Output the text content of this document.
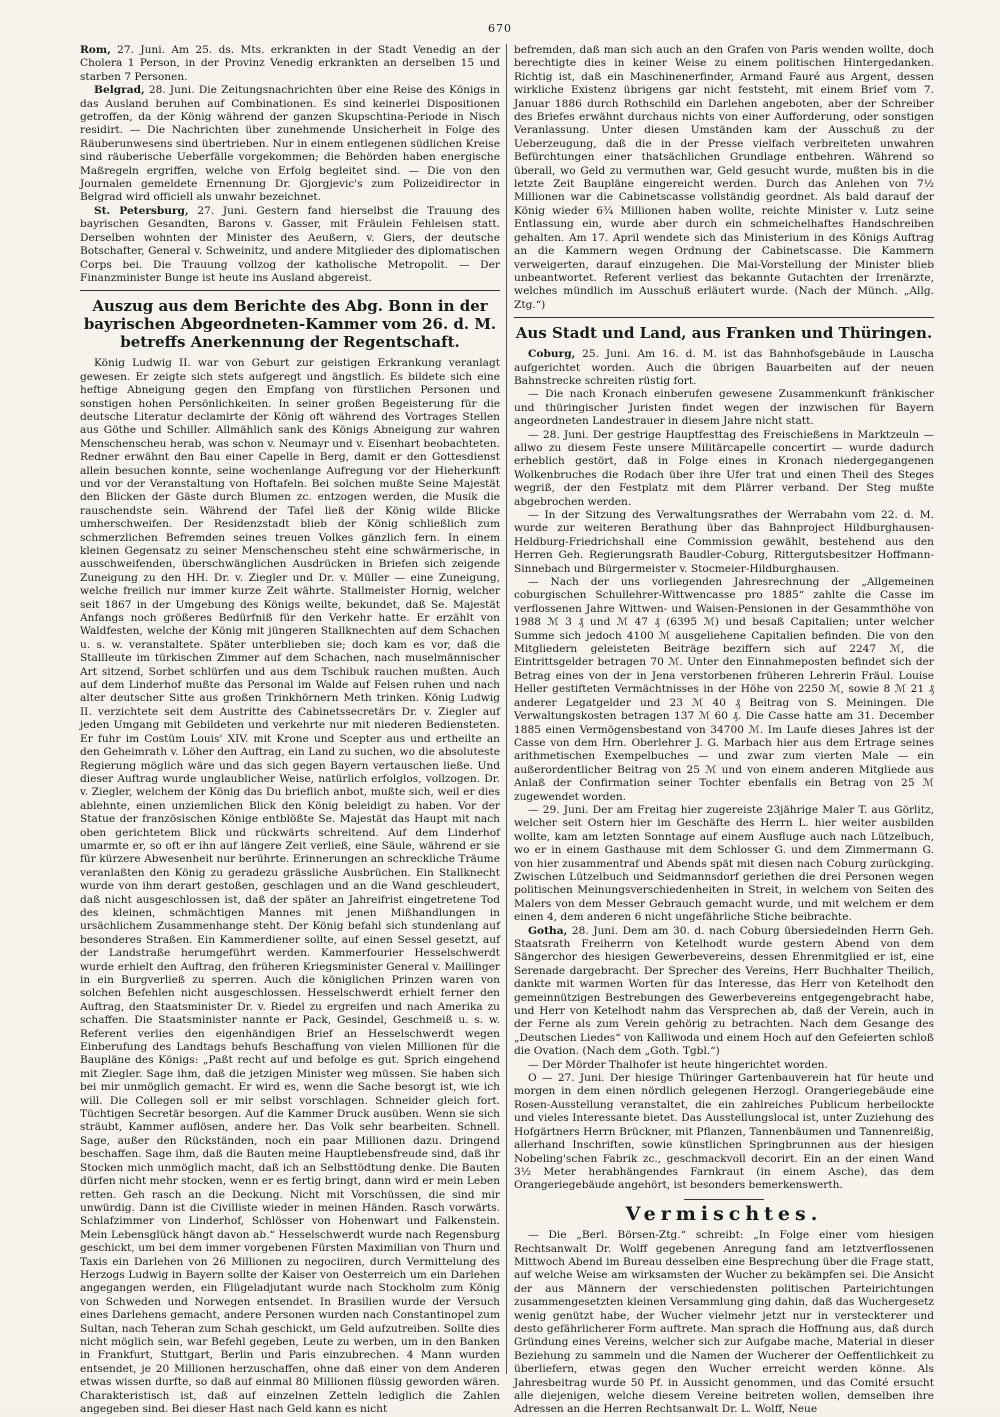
670

Rom, 27. Juni. Am 25. ds. Mts. erkrankten in der Stadt Venedig an der Cholera 1 Person, in der Provinz Venedig erkrankten an derselben 15 und starben 7 Personen.

Belgrad, 28. Juni. Die Zeitungsnachrichten über eine Reise des Königs in das Ausland beruhen auf Combinationen. Es sind keinerlei Dispositionen getroffen, da der König während der ganzen Skupschtina-Periode in Nisch residirt. — Die Nachrichten über zunehmende Unsicherheit in Folge des Räuberunwesens sind übertrieben. Nur in einem entlegenen südlichen Kreise sind räuberische Ueberfälle vorgekommen; die Behörden haben energische Maßregeln ergriffen, welche von Erfolg begleitet sind. — Die von den Journalen gemeldete Ernennung Dr. Gjorgjevic's zum Polizeidirector in Belgrad wird officiell als unwahr bezeichnet.

St. Petersburg, 27. Juni. Gestern fand hierselbst die Trauung des bayrischen Gesandten, Barons v. Gasser, mit Fräulein Fehleisen statt. Derselben wohnten der Minister des Aeußern, v. Giers, der deutsche Botschafter, General v. Schweinitz, und andere Mitglieder des diplomatischen Corps bei. Die Trauung vollzog der katholische Metropolit. — Der Finanzminister Bunge ist heute ins Ausland abgereist.

Auszug aus dem Berichte des Abg. Bonn in der bayrischen Abgeordneten-Kammer vom 26. d. M. betreffs Anerkennung der Regentschaft.

König Ludwig II. war von Geburt zur geistigen Erkrankung veranlagt gewesen. Er zeigte sich stets aufgeregt und ängstlich. Es bildete sich eine heftige Abneigung gegen den Empfang von fürstlichen Personen und sonstigen hohen Persönlichkeiten. In seiner großen Begeisterung für die deutsche Literatur declamirte der König oft während des Vortrages Stellen aus Göthe und Schiller. Allmählich sank des Königs Abneigung zur wahren Menschenscheu herab, was schon v. Neumayr und v. Eisenhart beobachteten. Redner erwähnt den Bau einer Capelle in Berg, damit er den Gottesdienst allein besuchen konnte, seine wochenlange Aufregung vor der Hieherkunft und vor der Veranstaltung von Hoftafeln. Bei solchen mußte Seine Majestät den Blicken der Gäste durch Blumen zc. entzogen werden, die Musik die rauschendste sein. Während der Tafel ließ der König wilde Blicke umherschweifen. Der Residenzstadt blieb der König schließlich zum schmerzlichen Befremden seines treuen Volkes gänzlich fern. In einem kleinen Gegensatz zu seiner Menschenscheu steht eine schwärmerische, in ausschweifenden, überschwänglichen Ausdrücken in Briefen sich zeigende Zuneigung zu den HH. Dr. v. Ziegler und Dr. v. Müller — eine Zuneigung, welche freilich nur immer kurze Zeit währte. Stallmeister Hornig, welcher seit 1867 in der Umgebung des Königs weilte, bekundet, daß Se. Majestät Anfangs noch größeres Bedürfniß für den Verkehr hatte. Er erzählt von Waldfesten, welche der König mit jüngeren Stallknechten auf dem Schachen u. s. w. veranstaltete. Später unterblieben sie; doch kam es vor, daß die Stallleute im türkischen Zimmer auf dem Schachen, nach muselmännischer Art sitzend, Sorbet schlürfen und aus dem Tschibuk rauchen mußten. Auch auf dem Linderhof mußte das Personal im Walde auf Felsen ruhen und nach alter deutscher Sitte aus großen Trinkhörnern Meth trinken. König Ludwig II. verzichtete seit dem Austritte des Cabinetssecretärs Dr. v. Ziegler auf jeden Umgang mit Gebildeten und verkehrte nur mit niederen Bediensteten. Er fuhr im Costüm Louis' XIV. mit Krone und Scepter aus und ertheilte an den Geheimrath v. Löher den Auftrag, ein Land zu suchen, wo die absoluteste Regierung möglich wäre und das sich gegen Bayern vertauschen ließe. Und dieser Auftrag wurde unglaublicher Weise, natürlich erfolglos, vollzogen. Dr. v. Ziegler, welchem der König das Du brieflich anbot, mußte sich, weil er dies ablehnte, einen unziemlichen Blick den König beleidigt zu haben. Vor der Statue der französischen Könige entblößte Se. Majestät das Haupt mit nach oben gerichtetem Blick und rückwärts schreitend. Auf dem Linderhof umarmte er, so oft er ihn auf längere Zeit verließ, eine Säule, während er sie für kürzere Abwesenheit nur berührte. Erinnerungen an schreckliche Träume veranlaßten den König zu geradezu grässliche Ausbrüchen. Ein Stallknecht wurde von ihm derart gestoßen, geschlagen und an die Wand geschleudert, daß nicht ausgeschlossen ist, daß der später an Jahreifrist eingetretene Tod des kleinen, schmächtigen Mannes mit jenen Mißhandlungen in ursächlichem Zusammenhange steht. Der König befahl sich stundenlang auf besonderes Straßen. Ein Kammerdiener sollte, auf einen Sessel gesetzt, auf der Landstraße herumgeführt werden. Kammerfourier Hesselschwerdt wurde erhielt den Auftrag, den früheren Kriegsminister General v. Maillinger in ein Burgverließ zu sperren. Auch die königlichen Prinzen waren von solchen Befehlen nicht ausgeschlossen. Hesselschwerdt erhielt ferner den Auftrag, den Staatsminister Dr. v. Riedel zu ergreifen und nach Amerika zu schaffen. Die Staatsminister nannte er Pack, Gesindel, Geschmeiß u. s. w. Referent verlies den eigenhändigen Brief an Hesselschwerdt wegen Einberufung des Landtags behufs Beschaffung von vielen Millionen für die Baupläne des Königs: „Paßt recht auf und befolge es gut. Sprich eingehend mit Ziegler. Sage ihm, daß die jetzigen Minister weg müssen. Sie haben sich bei mir unmöglich gemacht. Er wird es, wenn die Sache besorgt ist, wie ich will. Die Collegen soll er mir selbst vorschlagen. Schneider gleich fort. Tüchtigen Secretär besorgen. Auf die Kammer Druck ausüben. Wenn sie sich sträubt, Kammer auflösen, andere her. Das Volk sehr bearbeiten. Schnell. Sage, außer den Rückständen, noch ein paar Millionen dazu. Dringend beschaffen. Sage ihm, daß die Bauten meine Hauptlebensfreude sind, daß ihr Stocken mich unmöglich macht, daß ich an Selbsttödtung denke. Die Bauten dürfen nicht mehr stocken, wenn er es fertig bringt, dann wird er mein Leben retten. Geh rasch an die Deckung. Nicht mit Vorschüssen, die sind mir unwürdig. Dann ist die Civilliste wieder in meinen Händen. Rasch vorwärts. Schlafzimmer von Linderhof, Schlösser von Hohenwart und Falkenstein. Mein Lebensglück hängt davon ab.“ Hesselschwerdt wurde nach Regensburg geschickt, um bei dem immer vorgebenen Fürsten Maximilian von Thurn und Taxis ein Darlehen von 26 Millionen zu negociiren, durch Vermittelung des Herzogs Ludwig in Bayern sollte der Kaiser von Oesterreich um ein Darlehen angegangen werden, ein Flügeladjutant wurde nach Stockholm zum König von Schweden und Norwegen entsendet. In Brasilien wurde der Versuch eines Darlehens gemacht, andere Personen wurden nach Constantinopel zum Sultan, nach Teheran zum Schah geschickt, um Geld aufzutreiben. Sollte dies nicht möglich sein, war Befehl gegeben, Leute zu werben, um in den Banken in Frankfurt, Stuttgart, Berlin und Paris einzubrechen. 4 Mann wurden entsendet, je 20 Millionen herzuschaffen, ohne daß einer von dem Anderen etwas wissen durfte, so daß auf einmal 80 Millionen flüssig geworden wären. Charakteristisch ist, daß auf einzelnen Zetteln lediglich die Zahlen angegeben sind. Bei dieser Hast nach Geld kann es nicht

befremden, daß man sich auch an den Grafen von Paris wenden wollte, doch berechtigte dies in keiner Weise zu einem politischen Hintergedanken. Richtig ist, daß ein Maschinenerfinder, Armand Fauré aus Argent, dessen wirkliche Existenz übrigens gar nicht feststeht, mit einem Brief vom 7. Januar 1886 durch Rothschild ein Darlehen angeboten, aber der Schreiber des Briefes erwähnt durchaus nichts von einer Aufforderung, oder sonstigen Veranlassung. Unter diesen Umständen kam der Ausschuß zu der Ueberzeugung, daß die in der Presse vielfach verbreiteten unwahren Befürchtungen einer thatsächlichen Grundlage entbehren. Während so überall, wo Geld zu vermuthen war, Geld gesucht wurde, mußten bis in die letzte Zeit Baupläne eingereicht werden. Durch das Anlehen von 7½ Millionen war die Cabinetscasse vollständig geordnet. Als bald darauf der König wieder 6¾ Millionen haben wollte, reichte Minister v. Lutz seine Entlassung ein, wurde aber durch ein schmeichelhaftes Handschreiben gehalten. Am 17. April wendete sich das Ministerium in des Königs Auftrag an die Kammern wegen Ordnung der Cabinetscasse. Die Kammern verweigerten, darauf einzugehen. Die Mai-Vorstellung der Minister blieb unbeantwortet. Referent verliest das bekannte Gutachten der Irrenärzte, welches mündlich im Ausschuß erläutert wurde. (Nach der Münch. „Allg. Ztg.“)

Aus Stadt und Land, aus Franken und Thüringen.

Coburg, 25. Juni. Am 16. d. M. ist das Bahnhofsgebäude in Lauscha aufgerichtet worden. Auch die übrigen Bauarbeiten auf der neuen Bahnstrecke schreiten rüstig fort.

— Die nach Kronach einberufen gewesene Zusammenkunft fränkischer und thüringischer Juristen findet wegen der inzwischen für Bayern angeordneten Landestrauer in diesem Jahre nicht statt.

— 28. Juni. Der gestrige Hauptfesttag des Freischießens in Marktzeuln — allwo zu diesem Feste unsere Militärcapelle concertirt — wurde dadurch erheblich gestört, daß in Folge eines in Kronach niedergegangenen Wolkenbruches die Rodach über ihre Ufer trat und einen Theil des Steges wegriß, der den Festplatz mit dem Plärrer verband. Der Steg mußte abgebrochen werden.

— In der Sitzung des Verwaltungsrathes der Werrabahn vom 22. d. M. wurde zur weiteren Berathung über das Bahnproject Hildburghausen-Heldburg-Friedrichshall eine Commission gewählt, bestehend aus den Herren Geh. Regierungsrath Baudler-Coburg, Rittergutsbesitzer Hoffmann-Sinnebach und Bürgermeister v. Stocmeier-Hildburghausen.

— Nach der uns vorliegenden Jahresrechnung der „Allgemeinen coburgischen Schullehrer-Wittwencasse pro 1885“ zahlte die Casse im verflossenen Jahre Wittwen- und Waisen-Pensionen in der Gesammthöhe von 1988 ℳ 3 ₰ und ℳ 47 ₰ (6395 ℳ) und besaß Capitalien; unter welcher Summe sich jedoch 4100 ℳ ausgeliehene Capitalien befinden. Die von den Mitgliedern geleisteten Beiträge beziffern sich auf 2247 ℳ, die Eintrittsgelder betragen 70 ℳ. Unter den Einnahmeposten befindet sich der Betrag eines von der in Jena verstorbenen früheren Lehrerin Fräul. Louise Heller gestifteten Vermächtnisses in der Höhe von 2250 ℳ, sowie 8 ℳ 21 ₰ anderer Legatgelder und 23 ℳ 40 ₰ Beitrag von S. Meiningen. Die Verwaltungskosten betragen 137 ℳ 60 ₰. Die Casse hatte am 31. December 1885 einen Vermögensbestand von 34700 ℳ. Im Laufe dieses Jahres ist der Casse von dem Hrn. Oberlehrer J. G. Marbach hier aus dem Ertrage seines arithmetischen Exempelbuches — und zwar zum vierten Male — ein außerordentlicher Beitrag von 25 ℳ und von einem anderen Mitgliede aus Anlaß der Confirmation seiner Tochter ebenfalls ein Betrag von 25 ℳ zugewendet worden.

— 29. Juni. Der am Freitag hier zugereiste 23jährige Maler T. aus Görlitz, welcher seit Ostern hier im Geschäfte des Herrn L. hier weiter ausbilden wollte, kam am letzten Sonntage auf einem Ausfluge auch nach Lützelbuch, wo er in einem Gasthause mit dem Schlosser G. und dem Zimmermann G. von hier zusammentraf und Abends spät mit diesen nach Coburg zurückging. Zwischen Lützelbuch und Seidmannsdorf geriethen die drei Personen wegen politischen Meinungsverschiedenheiten in Streit, in welchem von Seiten des Malers von dem Messer Gebrauch gemacht wurde, und mit welchem er dem einen 4, dem anderen 6 nicht ungefährliche Stiche beibrachte.

Gotha, 28. Juni. Dem am 30. d. nach Coburg übersiedelnden Herrn Geh. Staatsrath Freiherrn von Ketelhodt wurde gestern Abend von dem Sängerchor des hiesigen Gewerbevereins, dessen Ehrenmitglied er ist, eine Serenade dargebracht. Der Sprecher des Vereins, Herr Buchhalter Theilich, dankte mit warmen Worten für das Interesse, das Herr von Ketelhodt den gemeinnützigen Bestrebungen des Gewerbevereins entgegengebracht habe, und Herr von Ketelhodt nahm das Versprechen ab, daß der Verein, auch in der Ferne als zum Verein gehörig zu betrachten. Nach dem Gesange des „Deutschen Liedes“ von Kalliwoda und einem Hoch auf den Gefeierten schloß die Ovation. (Nach dem „Goth. Tgbl.“)

— Der Mörder Thalhofer ist heute hingerichtet worden.

O — 27. Juni. Der hiesige Thüringer Gartenbauverein hat für heute und morgen in dem einen nördlich gelegenen Herzogl. Orangeriegebäude eine Rosen-Ausstellung veranstaltet, die ein zahlreiches Publicum herbeilockte und vieles Interessante bietet. Das Ausstellungslocal ist, unter Zuziehung des Hofgärtners Herrn Brückner, mit Pflanzen, Tannenbäumen und Tannenreißig, allerhand Inschriften, sowie künstlichen Springbrunnen aus der hiesigen Nobeling'schen Fabrik zc., geschmackvoll decorirt. Ein an der einen Wand 3½ Meter herabhängendes Farnkraut (in einem Asche), das dem Orangeriegebäude angehört, ist besonders bemerkenswerth.

Vermischtes.

— Die „Berl. Börsen-Ztg.“ schreibt: „In Folge einer vom hiesigen Rechtsanwalt Dr. Wolff gegebenen Anregung fand am letztverflossenen Mittwoch Abend im Bureau desselben eine Besprechung über die Frage statt, auf welche Weise am wirksamsten der Wucher zu bekämpfen sei. Die Ansicht der aus Männern der verschiedensten politischen Parteirichtungen zusammengesetzten kleinen Versammlung ging dahin, daß das Wuchergesetz wenig genützt habe, der Wucher vielmehr jetzt nur in versteckterer und desto gefährlicherer Form auftrete. Man sprach die Hoffnung aus, daß durch Gründung eines Vereins, welcher sich zur Aufgabe mache, Material in dieser Beziehung zu sammeln und die Namen der Wucherer der Oeffentlichkeit zu überliefern, etwas gegen den Wucher erreicht werden könne. Als Jahresbeitrag wurde 50 Pf. in Aussicht genommen, und das Comité ersucht alle diejenigen, welche diesem Vereine beitreten wollen, demselben ihre Adressen an die Herren Rechtsanwalt Dr. L. Wolff, Neue
